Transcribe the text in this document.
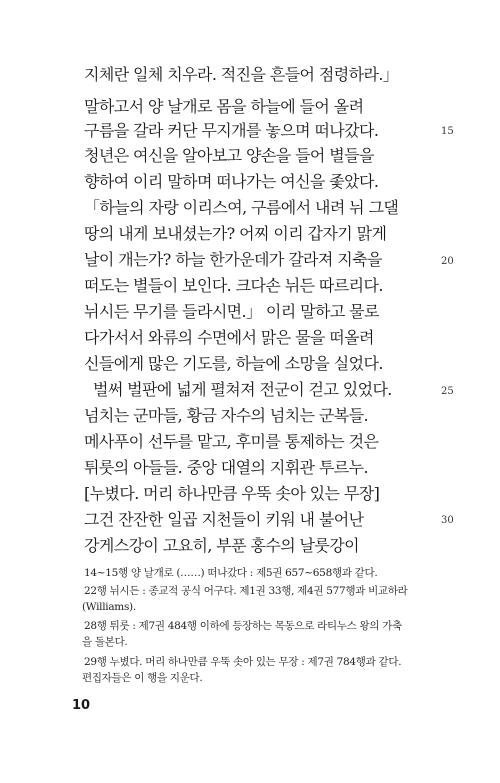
지체란 일체 치우라. 적진을 흔들어 점령하라.」
말하고서 양 날개로 몸을 하늘에 들어 올려
구름을 갈라 커단 무지개를 놓으며 떠나갔다.
청년은 여신을 알아보고 양손을 들어 별들을
향하여 이리 말하며 떠나가는 여신을 좇았다.
「하늘의 자랑 이리스여, 구름에서 내려 뉘 그댈
땅의 내게 보내셨는가? 어찌 이리 갑자기 맑게
날이 개는가? 하늘 한가운데가 갈라져 지축을
떠도는 별들이 보인다. 크다손 뉘든 따르리다.
뉘시든 무기를 들라시면.」 이리 말하고 물로
다가서서 와류의 수면에서 맑은 물을 떠올려
신들에게 많은 기도를, 하늘에 소망을 실었다.
벌써 벌판에 넓게 펼쳐져 전군이 걷고 있었다.
넘치는 군마들, 황금 자수의 넘치는 군복들.
메사푸이 선두를 맡고, 후미를 통제하는 것은
튀룻의 아들들. 중앙 대열의 지휘관 투르누.
[누볐다. 머리 하나만큼 우뚝 솟아 있는 무장]
그건 잔잔한 일곱 지천들이 키워 내 불어난
강게스강이 고요히, 부푼 홍수의 날룻강이
15
20
25
30
14~15행 양 날개로 (……) 떠나갔다 : 제5권 657~658행과 같다.
22행 뉘시든 : 종교적 공식 어구다. 제1권 33행, 제4권 577행과 비교하라
(Williams).
28행 튀룻 : 제7권 484행 이하에 등장하는 목동으로 라티누스 왕의 가축
을 돌본다.
29행 누볐다. 머리 하나만큼 우뚝 솟아 있는 무장 : 제7권 784행과 같다.
편집자들은 이 행을 지운다.
10
